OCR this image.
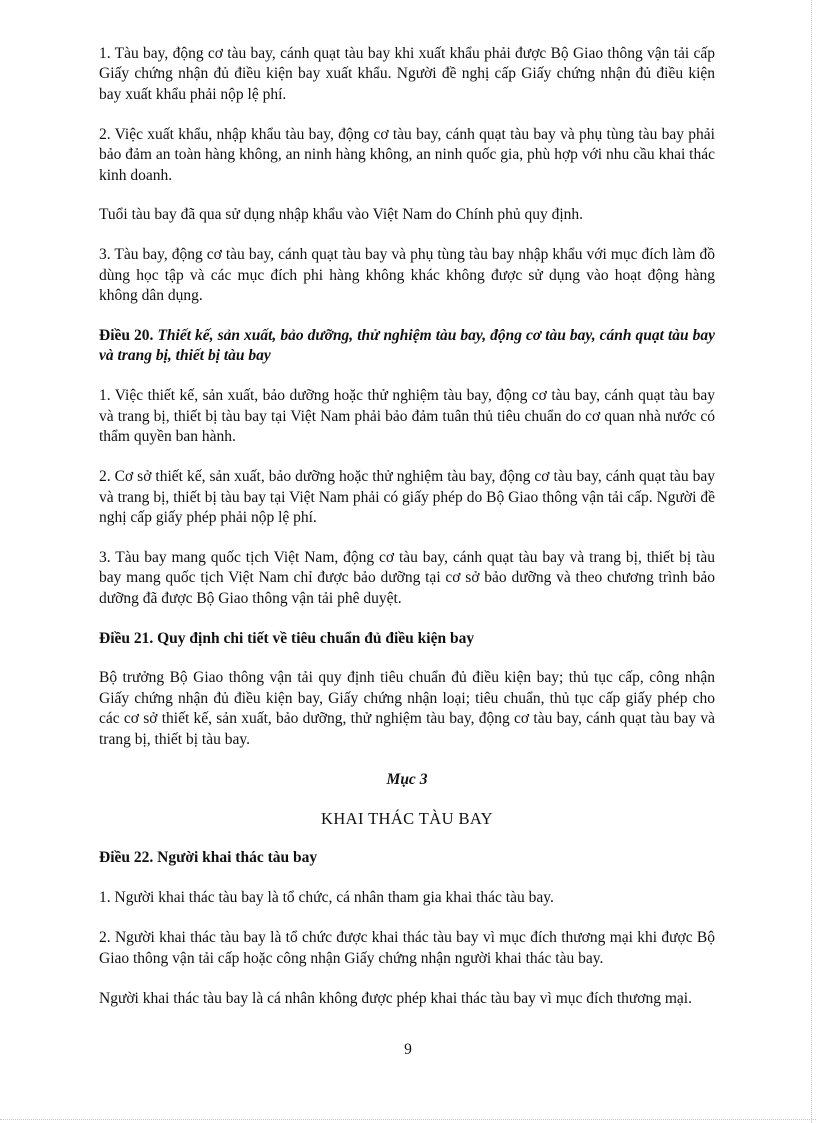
1. Tàu bay, động cơ tàu bay, cánh quạt tàu bay khi xuất khẩu phải được Bộ Giao thông vận tải cấp Giấy chứng nhận đủ điều kiện bay xuất khẩu. Người đề nghị cấp Giấy chứng nhận đủ điều kiện bay xuất khẩu phải nộp lệ phí.

2. Việc xuất khẩu, nhập khẩu tàu bay, động cơ tàu bay, cánh quạt tàu bay và phụ tùng tàu bay phải bảo đảm an toàn hàng không, an ninh hàng không, an ninh quốc gia, phù hợp với nhu cầu khai thác kinh doanh.

Tuổi tàu bay đã qua sử dụng nhập khẩu vào Việt Nam do Chính phủ quy định.

3. Tàu bay, động cơ tàu bay, cánh quạt tàu bay và phụ tùng tàu bay nhập khẩu với mục đích làm đồ dùng học tập và các mục đích phi hàng không khác không được sử dụng vào hoạt động hàng không dân dụng.

Điều 20. Thiết kế, sản xuất, bảo dưỡng, thử nghiệm tàu bay, động cơ tàu bay, cánh quạt tàu bay và trang bị, thiết bị tàu bay

1. Việc thiết kế, sản xuất, bảo dưỡng hoặc thử nghiệm tàu bay, động cơ tàu bay, cánh quạt tàu bay và trang bị, thiết bị tàu bay tại Việt Nam phải bảo đảm tuân thủ tiêu chuẩn do cơ quan nhà nước có thẩm quyền ban hành.

2. Cơ sở thiết kế, sản xuất, bảo dưỡng hoặc thử nghiệm tàu bay, động cơ tàu bay, cánh quạt tàu bay và trang bị, thiết bị tàu bay tại Việt Nam phải có giấy phép do Bộ Giao thông vận tải cấp. Người đề nghị cấp giấy phép phải nộp lệ phí.

3. Tàu bay mang quốc tịch Việt Nam, động cơ tàu bay, cánh quạt tàu bay và trang bị, thiết bị tàu bay mang quốc tịch Việt Nam chỉ được bảo dưỡng tại cơ sở bảo dưỡng và theo chương trình bảo dưỡng đã được Bộ Giao thông vận tải phê duyệt.

Điều 21. Quy định chi tiết về tiêu chuẩn đủ điều kiện bay

Bộ trưởng Bộ Giao thông vận tải quy định tiêu chuẩn đủ điều kiện bay; thủ tục cấp, công nhận Giấy chứng nhận đủ điều kiện bay, Giấy chứng nhận loại; tiêu chuẩn, thủ tục cấp giấy phép cho các cơ sở thiết kế, sản xuất, bảo dưỡng, thử nghiệm tàu bay, động cơ tàu bay, cánh quạt tàu bay và trang bị, thiết bị tàu bay.

Mục 3

KHAI THÁC TÀU BAY

Điều 22. Người khai thác tàu bay

1. Người khai thác tàu bay là tổ chức, cá nhân tham gia khai thác tàu bay.

2. Người khai thác tàu bay là tổ chức được khai thác tàu bay vì mục đích thương mại khi được Bộ Giao thông vận tải cấp hoặc công nhận Giấy chứng nhận người khai thác tàu bay.

Người khai thác tàu bay là cá nhân không được phép khai thác tàu bay vì mục đích thương mại.

9
